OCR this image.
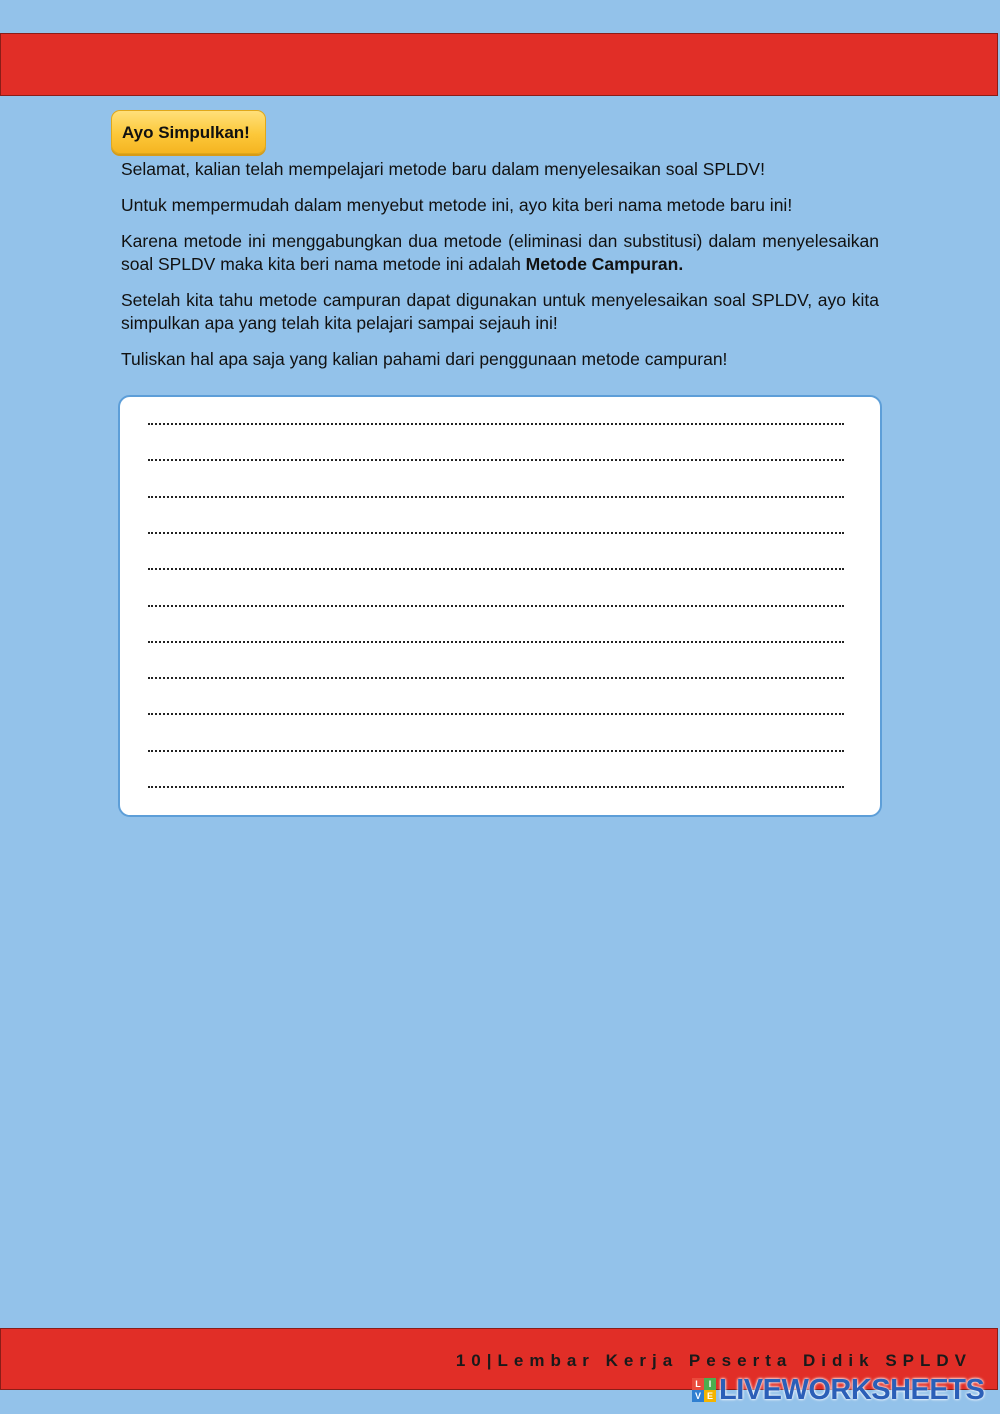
Ayo Simpulkan!

Selamat, kalian telah mempelajari metode baru dalam menyelesaikan soal SPLDV!

Untuk mempermudah dalam menyebut metode ini, ayo kita beri nama metode baru ini!

Karena metode ini menggabungkan dua metode (eliminasi dan substitusi) dalam menyelesaikan soal SPLDV maka kita beri nama metode ini adalah Metode Campuran.

Setelah kita tahu metode campuran dapat digunakan untuk menyelesaikan soal SPLDV, ayo kita simpulkan apa yang telah kita pelajari sampai sejauh ini!

Tuliskan hal apa saja yang kalian pahami dari penggunaan metode campuran!

10|Lembar Kerja Peserta Didik SPLDV
L I
V E LIVEWORKSHEETS
